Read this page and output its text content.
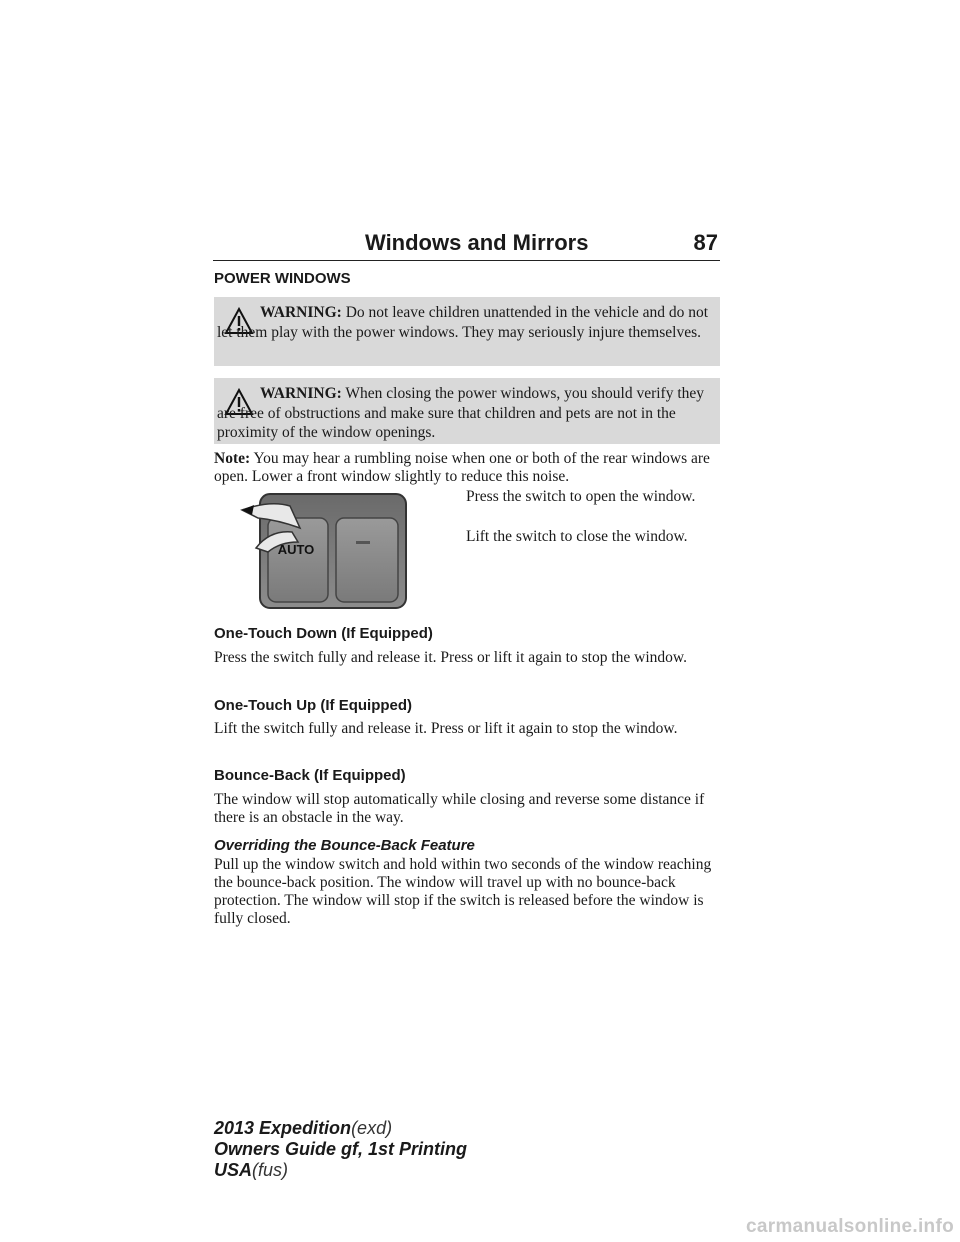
Windows and Mirrors	87
POWER WINDOWS
WARNING: Do not leave children unattended in the vehicle and do not let them play with the power windows. They may seriously injure themselves.
WARNING: When closing the power windows, you should verify they are free of obstructions and make sure that children and pets are not in the proximity of the window openings.
Note: You may hear a rumbling noise when one or both of the rear windows are open. Lower a front window slightly to reduce this noise.
AUTO
Press the switch to open the window.
Lift the switch to close the window.
One-Touch Down (If Equipped)
Press the switch fully and release it. Press or lift it again to stop the window.
One-Touch Up (If Equipped)
Lift the switch fully and release it. Press or lift it again to stop the window.
Bounce-Back (If Equipped)
The window will stop automatically while closing and reverse some distance if there is an obstacle in the way.
Overriding the Bounce-Back Feature
Pull up the window switch and hold within two seconds of the window reaching the bounce-back position. The window will travel up with no bounce-back protection. The window will stop if the switch is released before the window is fully closed.
2013 Expedition(exd)
Owners Guide gf, 1st Printing
USA(fus)
carmanualsonline.info
